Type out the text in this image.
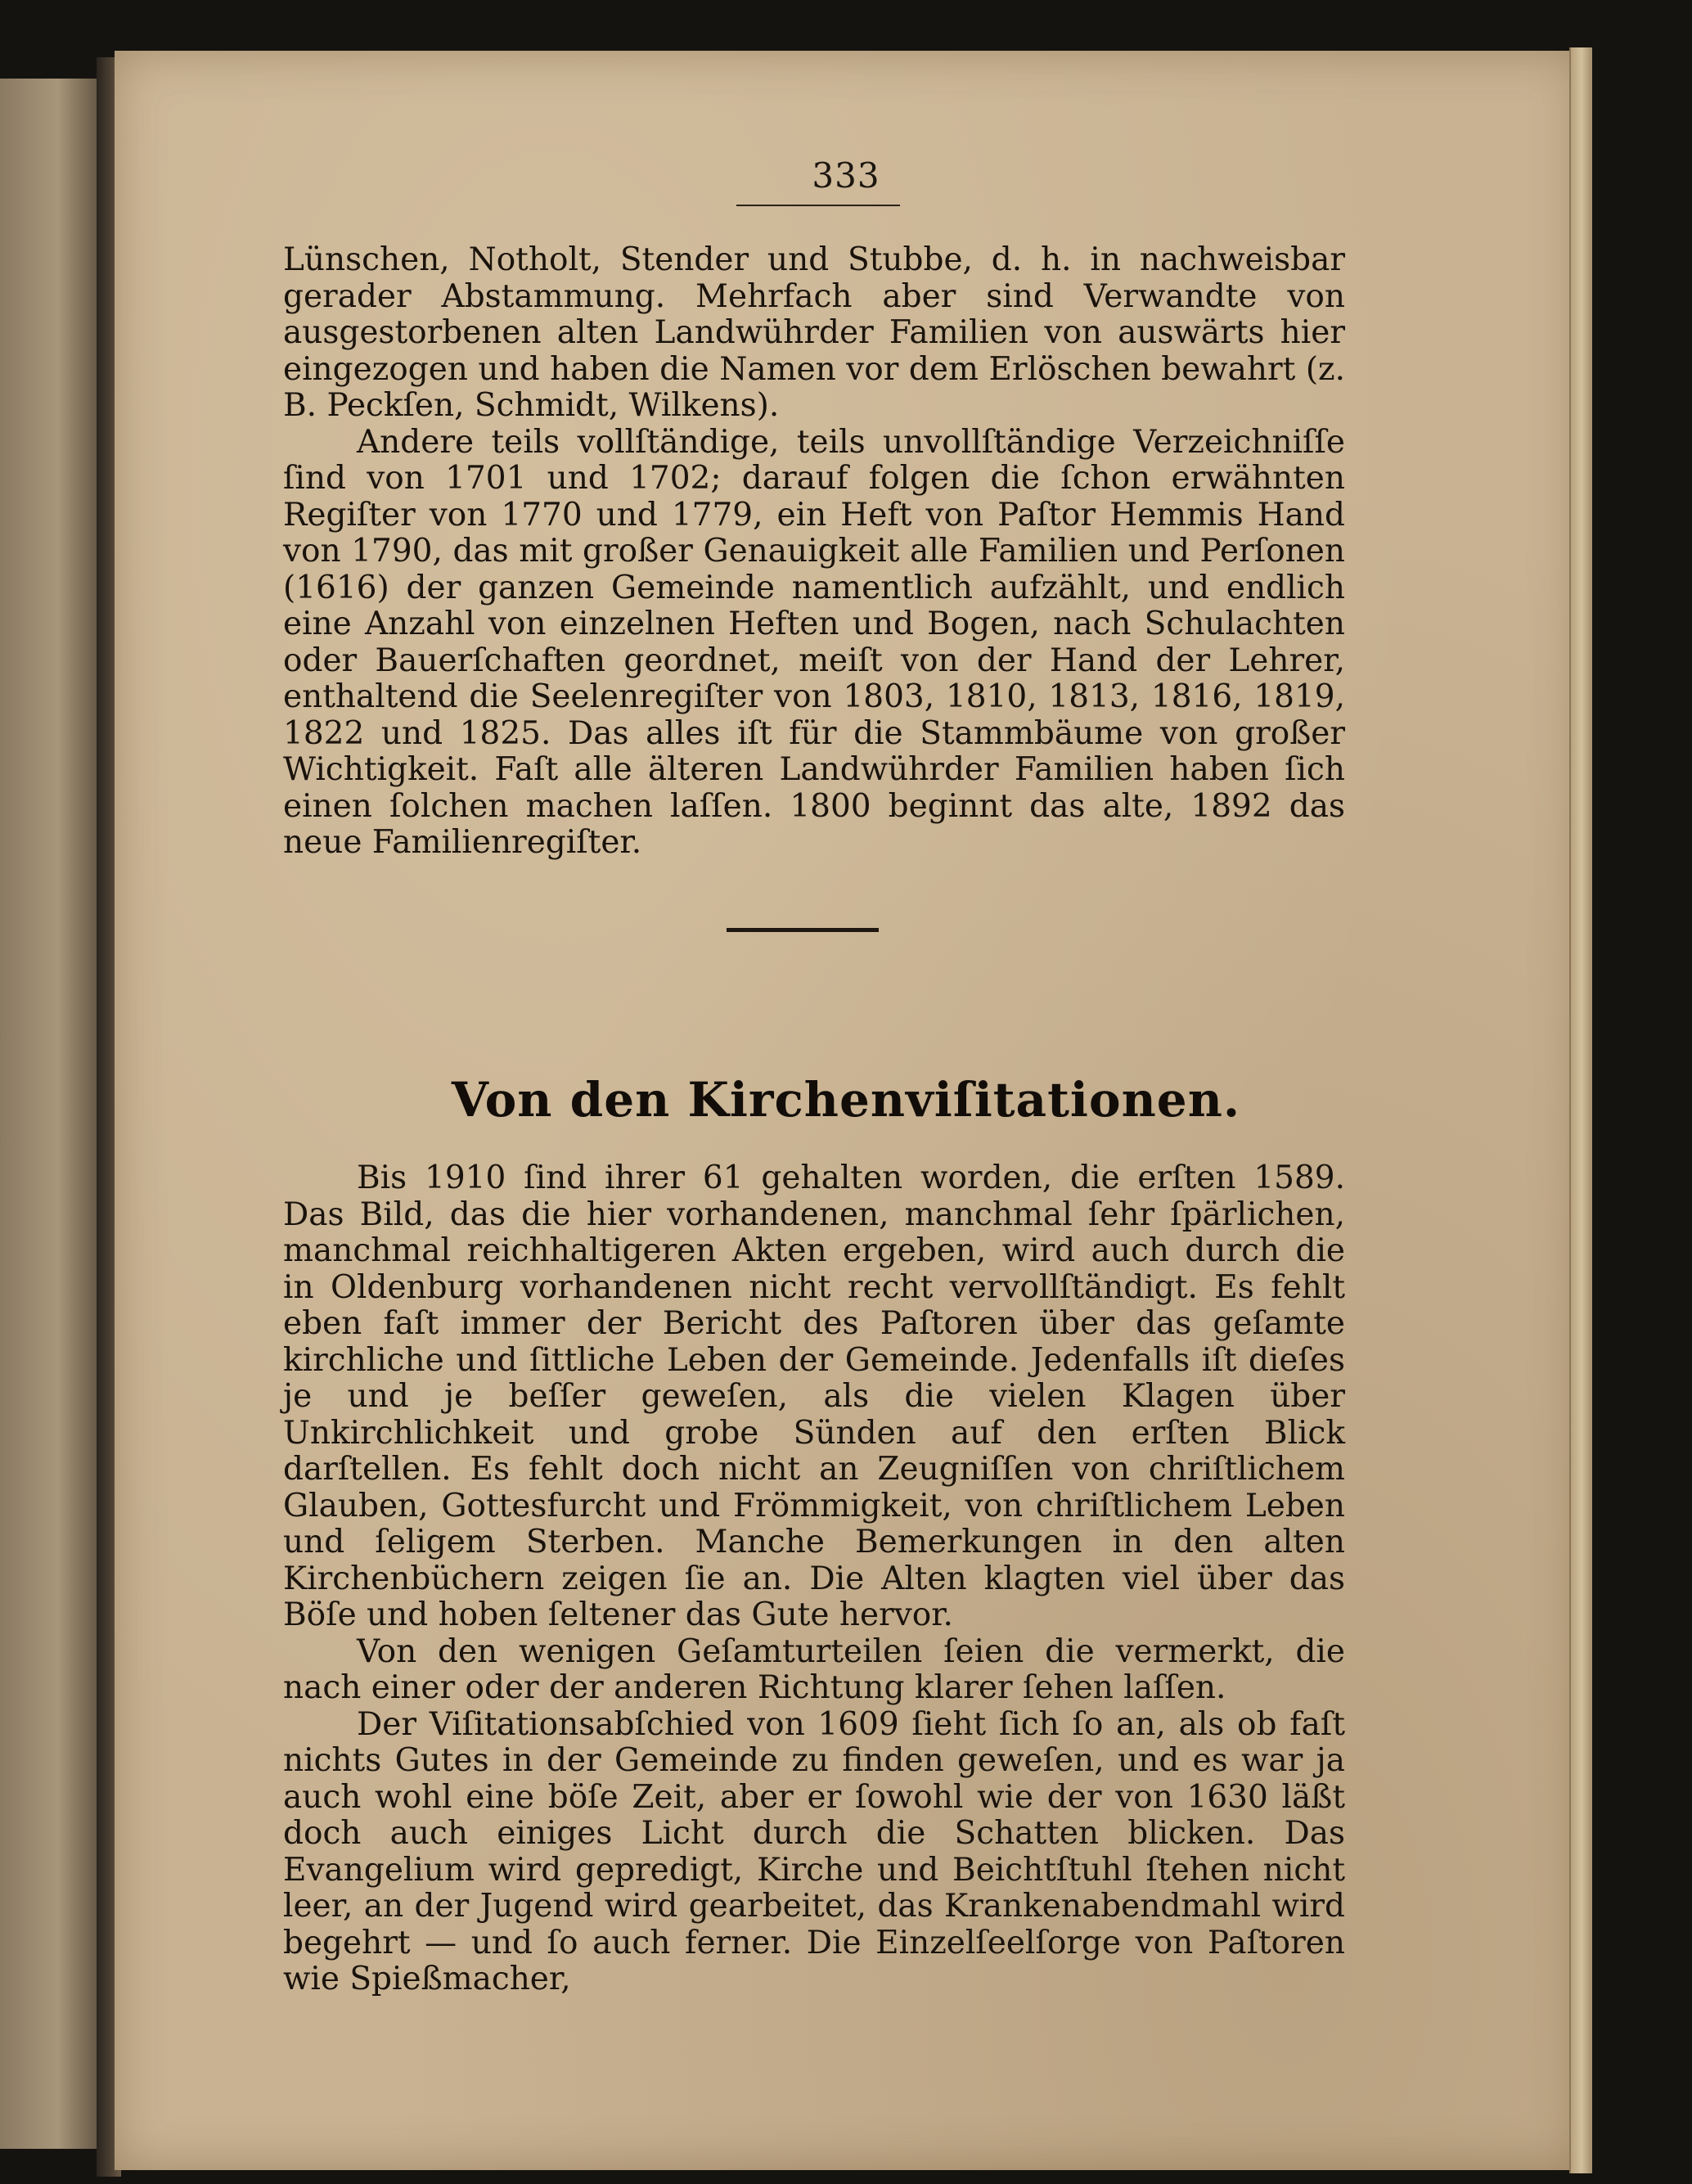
333

Lünschen, Notholt, Stender und Stubbe, d. h. in nachweisbar gerader Abstammung. Mehrfach aber sind Verwandte von ausgestorbenen alten Landwührder Familien von auswärts hier eingezogen und haben die Namen vor dem Erlöschen bewahrt (z. B. Peckſen, Schmidt, Wilkens).

Andere teils vollſtändige, teils unvollſtändige Verzeichniſſe ſind von 1701 und 1702; darauf folgen die ſchon erwähnten Regiſter von 1770 und 1779, ein Heft von Paſtor Hemmis Hand von 1790, das mit großer Genauigkeit alle Familien und Perſonen (1616) der ganzen Gemeinde namentlich aufzählt, und endlich eine Anzahl von einzelnen Heften und Bogen, nach Schulachten oder Bauerſchaften geordnet, meiſt von der Hand der Lehrer, enthaltend die Seelenregiſter von 1803, 1810, 1813, 1816, 1819, 1822 und 1825. Das alles iſt für die Stammbäume von großer Wichtigkeit. Faſt alle älteren Landwührder Familien haben ſich einen ſolchen machen laſſen. 1800 beginnt das alte, 1892 das neue Familienregiſter.

Von den Kirchenviſitationen.

Bis 1910 ſind ihrer 61 gehalten worden, die erſten 1589. Das Bild, das die hier vorhandenen, manchmal ſehr ſpärlichen, manchmal reichhaltigeren Akten ergeben, wird auch durch die in Oldenburg vorhandenen nicht recht vervollſtändigt. Es fehlt eben faſt immer der Bericht des Paſtoren über das geſamte kirchliche und ſittliche Leben der Gemeinde. Jedenfalls iſt dieſes je und je beſſer geweſen, als die vielen Klagen über Unkirchlichkeit und grobe Sünden auf den erſten Blick darſtellen. Es fehlt doch nicht an Zeugniſſen von chriſtlichem Glauben, Gottesfurcht und Frömmigkeit, von chriſtlichem Leben und ſeligem Sterben. Manche Bemerkungen in den alten Kirchenbüchern zeigen ſie an. Die Alten klagten viel über das Böſe und hoben ſeltener das Gute hervor.

Von den wenigen Geſamturteilen ſeien die vermerkt, die nach einer oder der anderen Richtung klarer ſehen laſſen.

Der Viſitationsabſchied von 1609 ſieht ſich ſo an, als ob faſt nichts Gutes in der Gemeinde zu finden geweſen, und es war ja auch wohl eine böſe Zeit, aber er ſowohl wie der von 1630 läßt doch auch einiges Licht durch die Schatten blicken. Das Evangelium wird gepredigt, Kirche und Beichtſtuhl ſtehen nicht leer, an der Jugend wird gearbeitet, das Krankenabendmahl wird begehrt — und ſo auch ferner. Die Einzelſeelſorge von Paſtoren wie Spießmacher,
